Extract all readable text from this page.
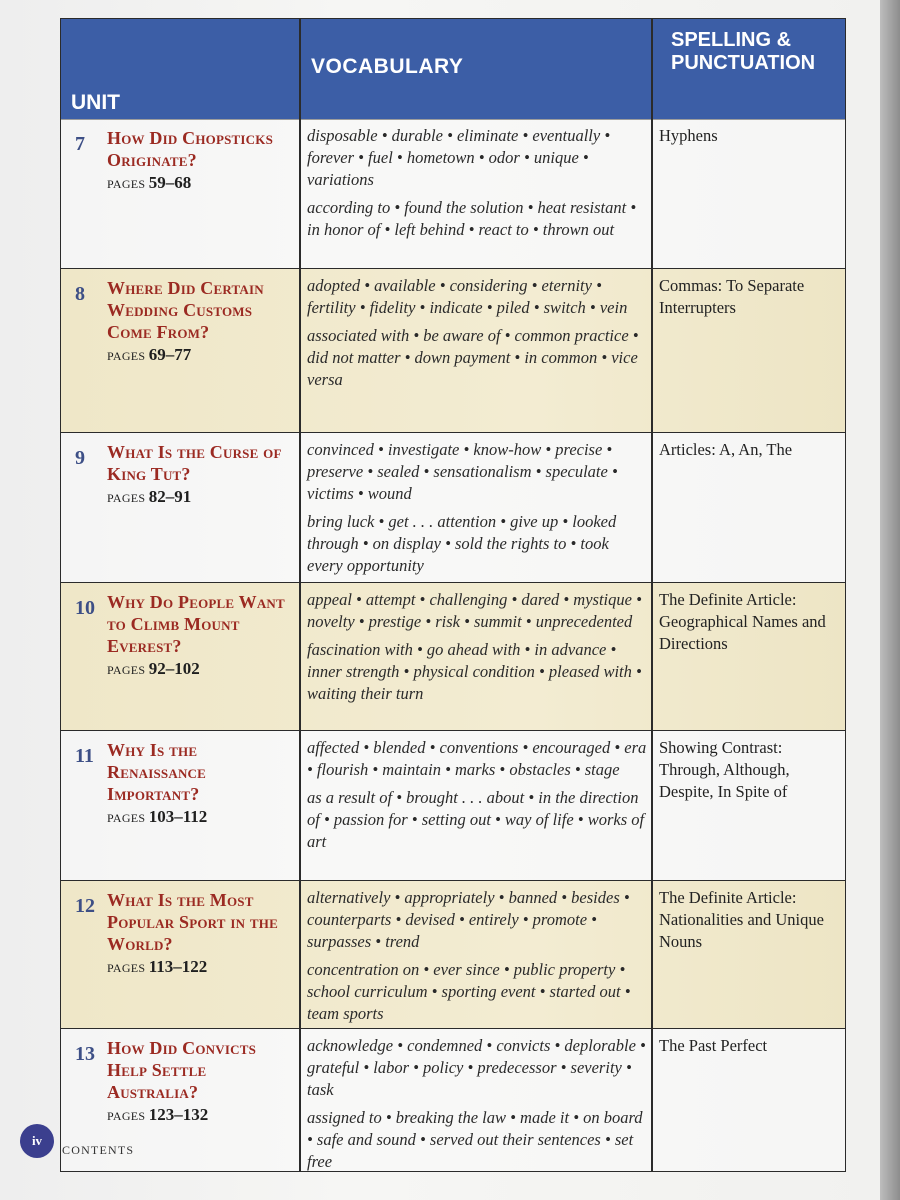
UNIT
VOCABULARY
SPELLING &
PUNCTUATION
7 How Did Chopsticks Originate?
PAGES 59–68

disposable • durable • eliminate • eventually • forever • fuel • hometown • odor • unique • variations

according to • found the solution • heat resistant • in honor of • left behind • react to • thrown out

Hyphens
8 Where Did Certain Wedding Customs Come From?
PAGES 69–77

adopted • available • considering • eternity • fertility • fidelity • indicate • piled • switch • vein

associated with • be aware of • common practice • did not matter • down payment • in common • vice versa

Commas: To Separate Interrupters
9 What Is the Curse of King Tut?
PAGES 82–91

convinced • investigate • know-how • precise • preserve • sealed • sensationalism • speculate • victims • wound

bring luck • get . . . attention • give up • looked through • on display • sold the rights to • took every opportunity

Articles: A, An, The
10 Why Do People Want to Climb Mount Everest?
PAGES 92–102

appeal • attempt • challenging • dared • mystique • novelty • prestige • risk • summit • unprecedented

fascination with • go ahead with • in advance • inner strength • physical condition • pleased with • waiting their turn

The Definite Article: Geographical Names and Directions
11 Why Is the Renaissance Important?
PAGES 103–112

affected • blended • conventions • encouraged • era • flourish • maintain • marks • obstacles • stage

as a result of • brought . . . about • in the direction of • passion for • setting out • way of life • works of art

Showing Contrast: Through, Although, Despite, In Spite of
12 What Is the Most Popular Sport in the World?
PAGES 113–122

alternatively • appropriately • banned • besides • counterparts • devised • entirely • promote • surpasses • trend

concentration on • ever since • public property • school curriculum • sporting event • started out • team sports

The Definite Article: Nationalities and Unique Nouns
13 How Did Convicts Help Settle Australia?
PAGES 123–132

acknowledge • condemned • convicts • deplorable • grateful • labor • policy • predecessor • severity • task

assigned to • breaking the law • made it • on board • safe and sound • served out their sentences • set free

The Past Perfect
iv
CONTENTS
